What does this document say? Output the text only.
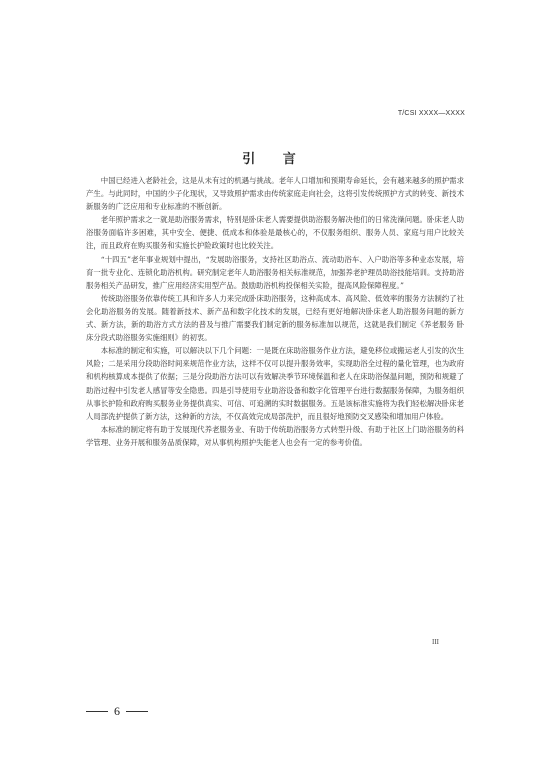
T/CSI XXXX—XXXX
引 言

中国已经进入老龄社会，这是从未有过的机遇与挑战。老年人口增加和预期寿命延长，会有越来越多的照护需求产生。与此同时，中国的少子化现状，又导致照护需求由传统家庭走向社会，这将引发传统照护方式的转变、新技术新服务的广泛应用和专业标准的不断创新。

老年照护需求之一就是助浴服务需求，特别是卧床老人需要提供助浴服务解决他们的日常洗澡问题。卧床老人助浴服务面临许多困难，其中安全、便捷、低成本和体验是最核心的，不仅服务组织、服务人员、家庭与用户比较关注，而且政府在购买服务和实施长护险政策时也比较关注。

“十四五”老年事业规划中提出，“发展助浴服务，支持社区助浴点、流动助浴车、入户助浴等多种业态发展，培育一批专业化、连锁化助浴机构。研究制定老年人助浴服务相关标准规范，加强养老护理员助浴技能培训。支持助浴服务相关产品研发，推广应用经济实用型产品。鼓励助浴机构投保相关实险，提高风险保障程度。”

传统助浴服务依靠传统工具和许多人力来完成卧床助浴服务，这种高成本、高风险、低效率的服务方法制约了社会化助浴服务的发展。随着新技术、新产品和数字化技术的发展，已经有更好地解决卧床老人助浴服务问题的新方式、新方法，新的助浴方式方法的普及与推广需要我们制定新的服务标准加以规范，这就是我们制定《养老服务 卧床分段式助浴服务实施细则》的初衷。

本标准的制定和实施，可以解决以下几个问题：一是既在床助浴服务作业方法，避免移位或搬运老人引发的次生风险；二是采用分段助浴时间来规范作业方法，这样不仅可以提升服务效率，实现助浴全过程的量化管理，也为政府和机构核算成本提供了依据；三是分段助浴方法可以有效解决季节环境保温和老人在床助浴保温问题，预防和规避了助浴过程中引发老人感冒等安全隐患。四是引导使用专业助浴设备和数字化管理平台进行数据服务保障，为服务组织从事长护险和政府购买服务业务提供真实、可信、可追溯的实时数据服务。五是该标准实施将为我们轻松解决卧床老人局部洗护提供了新方法，这种新的方法，不仅高效完成局部洗护，而且很好地预防交叉感染和增加用户体验。

本标准的制定将有助于发展现代养老服务业、有助于传统助浴服务方式转型升级、有助于社区上门助浴服务的科学管理、业务开展和服务品质保障，对从事机构照护失能老人也会有一定的参考价值。

III
6
